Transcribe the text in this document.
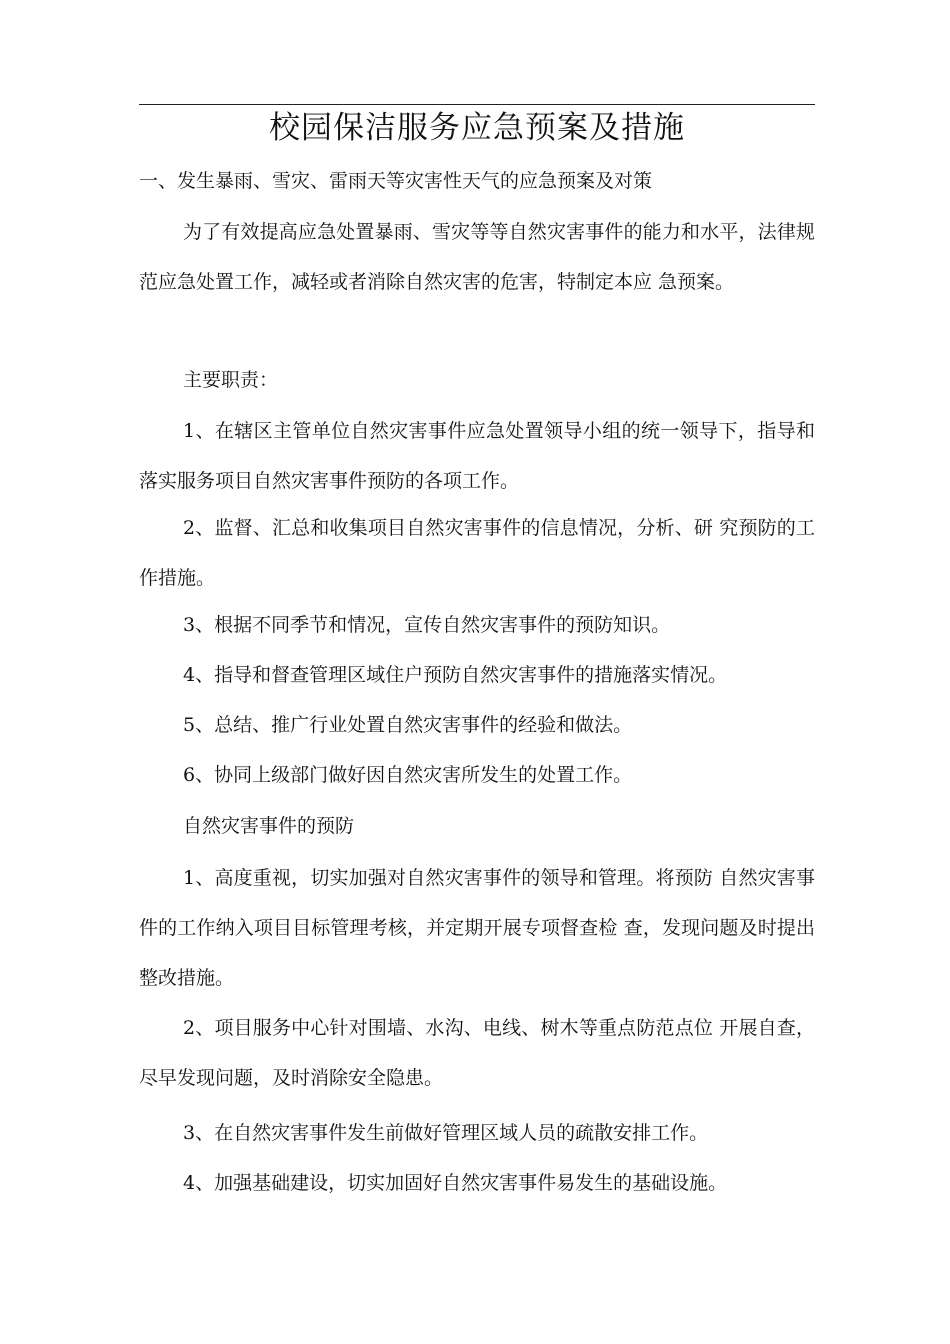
校园保洁服务应急预案及措施

一、发生暴雨、雪灾、雷雨天等灾害性天气的应急预案及对策

为了有效提高应急处置暴雨、雪灾等等自然灾害事件的能力和水平，法律规范应急处置工作，减轻或者消除自然灾害的危害，特制定本应 急预案。

主要职责：

1、在辖区主管单位自然灾害事件应急处置领导小组的统一领导下，指导和落实服务项目自然灾害事件预防的各项工作。

2、监督、汇总和收集项目自然灾害事件的信息情况，分析、研 究预防的工作措施。

3、根据不同季节和情况，宣传自然灾害事件的预防知识。

4、指导和督查管理区域住户预防自然灾害事件的措施落实情况。

5、总结、推广行业处置自然灾害事件的经验和做法。

6、协同上级部门做好因自然灾害所发生的处置工作。

自然灾害事件的预防

1、高度重视，切实加强对自然灾害事件的领导和管理。将预防 自然灾害事件的工作纳入项目目标管理考核，并定期开展专项督查检 查，发现问题及时提出整改措施。

2、项目服务中心针对围墙、水沟、电线、树木等重点防范点位 开展自查，尽早发现问题，及时消除安全隐患。

3、在自然灾害事件发生前做好管理区域人员的疏散安排工作。

4、加强基础建设，切实加固好自然灾害事件易发生的基础设施。
